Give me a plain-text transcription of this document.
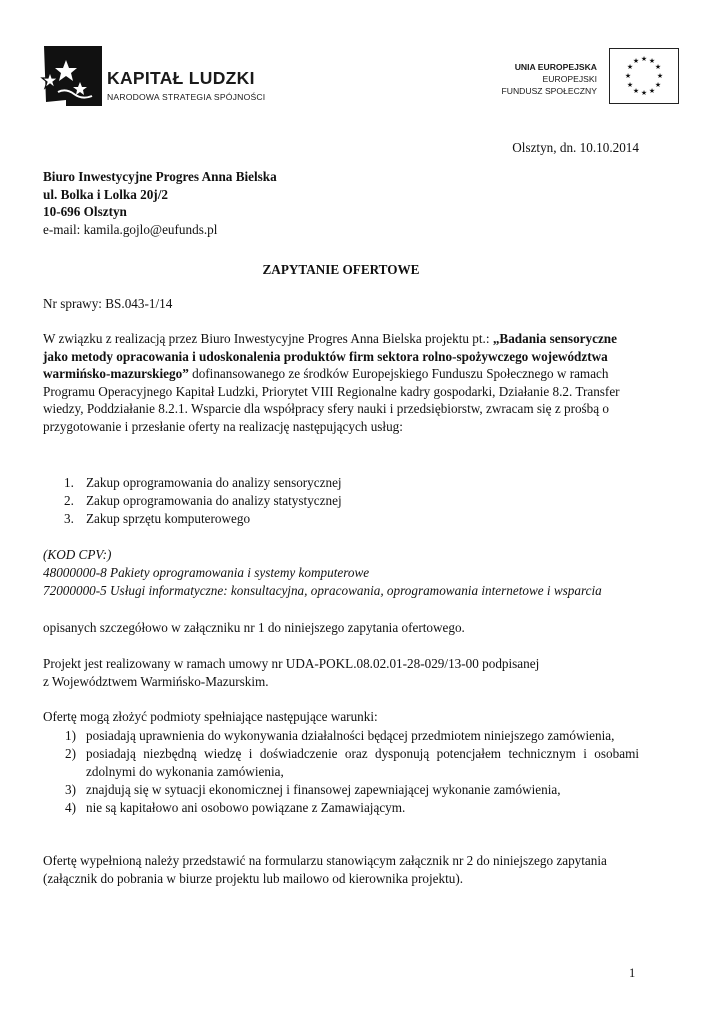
KAPITAŁ LUDZKI
NARODOWA STRATEGIA SPÓJNOŚCI
UNIA EUROPEJSKA
EUROPEJSKI
FUNDUSZ SPOŁECZNY
★ ★
★
★
★
★
★
★
★
★
★
★
Olsztyn, dn. 10.10.2014
Biuro Inwestycyjne Progres Anna Bielska
ul. Bolka i Lolka 20j/2
10-696 Olsztyn
e-mail: kamila.gojlo@eufunds.pl
ZAPYTANIE OFERTOWE
Nr sprawy: BS.043-1/14
W związku z realizacją przez Biuro Inwestycyjne Progres Anna Bielska projektu pt.: „Badania sensoryczne jako metody opracowania i udoskonalenia produktów firm sektora rolno-spożywczego województwa warmińsko-mazurskiego” dofinansowanego ze środków Europejskiego Funduszu Społecznego w ramach Programu Operacyjnego Kapitał Ludzki, Priorytet VIII Regionalne kadry gospodarki, Działanie 8.2. Transfer wiedzy, Poddziałanie 8.2.1. Wsparcie dla współpracy sfery nauki i przedsiębiorstw, zwracam się z prośbą o przygotowanie i przesłanie oferty na realizację następujących usług:
1. Zakup oprogramowania do analizy sensorycznej
2. Zakup oprogramowania do analizy statystycznej
3. Zakup sprzętu komputerowego
(KOD CPV:)
48000000-8 Pakiety oprogramowania i systemy komputerowe
72000000-5 Usługi informatyczne: konsultacyjna, opracowania, oprogramowania internetowe i wsparcia
opisanych szczegółowo w załączniku nr 1 do niniejszego zapytania ofertowego.
Projekt jest realizowany w ramach umowy nr UDA-POKL.08.02.01-28-029/13-00 podpisanej
z Województwem Warmińsko-Mazurskim.
Ofertę mogą złożyć podmioty spełniające następujące warunki:
1) posiadają uprawnienia do wykonywania działalności będącej przedmiotem niniejszego zamówienia,
2) posiadają niezbędną wiedzę i doświadczenie oraz dysponują potencjałem technicznym i osobami zdolnymi do wykonania zamówienia,
3) znajdują się w sytuacji ekonomicznej i finansowej zapewniającej wykonanie zamówienia,
4) nie są kapitałowo ani osobowo powiązane z Zamawiającym.
Ofertę wypełnioną należy przedstawić na formularzu stanowiącym załącznik nr 2 do niniejszego zapytania (załącznik do pobrania w biurze projektu lub mailowo od kierownika projektu).
1
